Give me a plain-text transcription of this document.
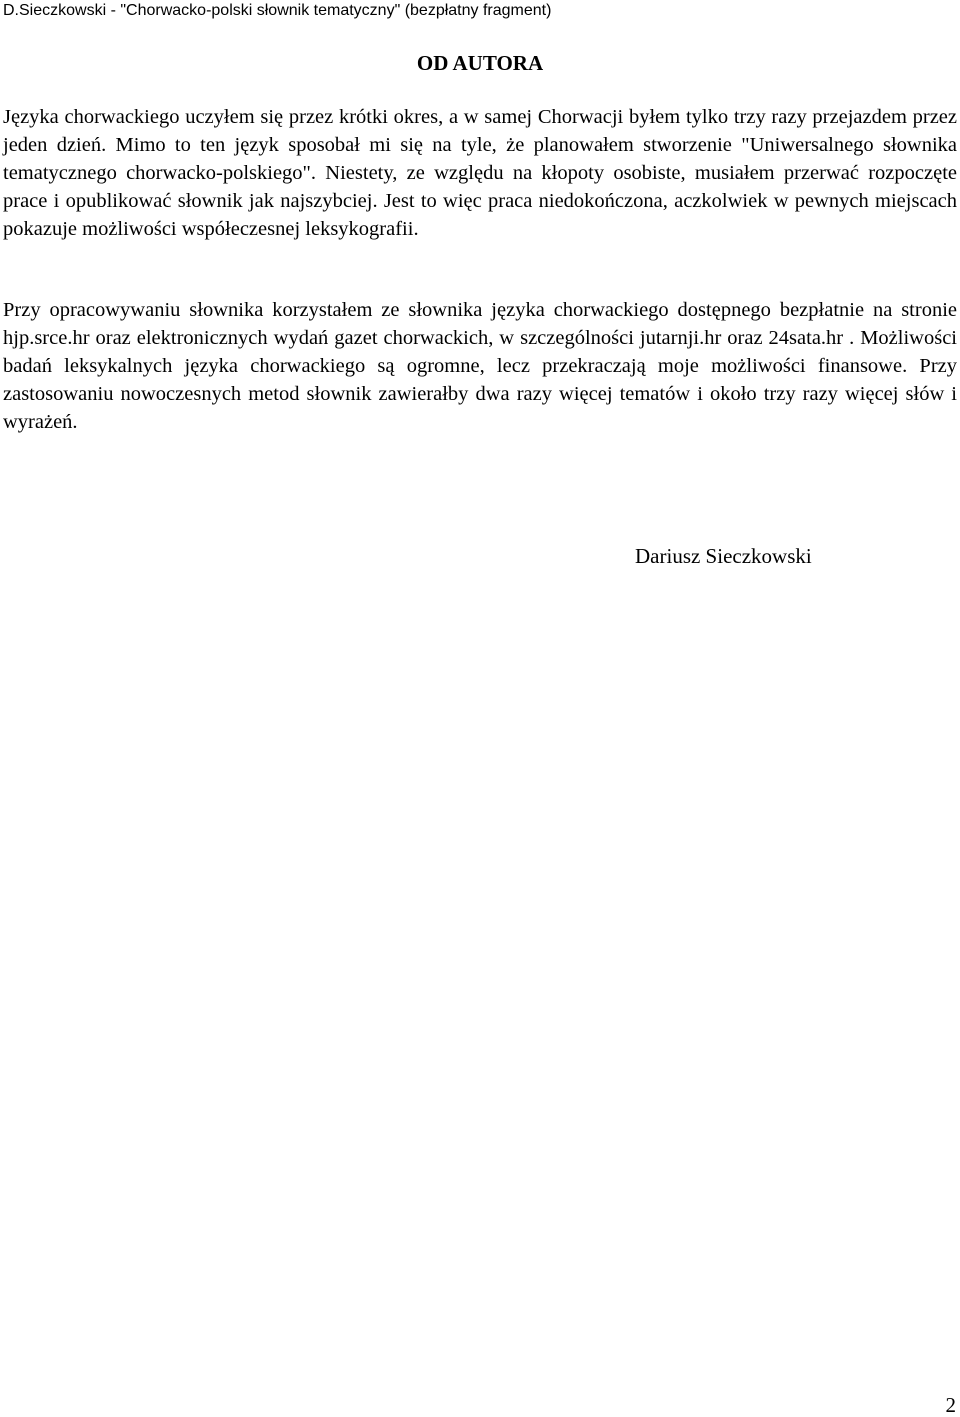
D.Sieczkowski - "Chorwacko-polski słownik tematyczny" (bezpłatny fragment)
OD AUTORA

Języka chorwackiego uczyłem się przez krótki okres, a w samej Chorwacji byłem tylko trzy razy przejazdem przez jeden dzień. Mimo to ten język sposobał mi się na tyle, że planowałem stworzenie "Uniwersalnego słownika tematycznego chorwacko-polskiego". Niestety, ze względu na kłopoty osobiste, musiałem przerwać rozpoczęte prace i opublikować słownik jak najszybciej. Jest to więc praca niedokończona, aczkolwiek w pewnych miejscach pokazuje możliwości współeczesnej leksykografii.

Przy opracowywaniu słownika korzystałem ze słownika języka chorwackiego dostępnego bezpłatnie na stronie hjp.srce.hr oraz elektronicznych wydań gazet chorwackich, w szczególności jutarnji.hr oraz 24sata.hr . Możliwości badań leksykalnych języka chorwackiego są ogromne, lecz przekraczają moje możliwości finansowe. Przy zastosowaniu nowoczesnych metod słownik zawierałby dwa razy więcej tematów i około trzy razy więcej słów i wyrażeń.

Dariusz Sieczkowski
2
